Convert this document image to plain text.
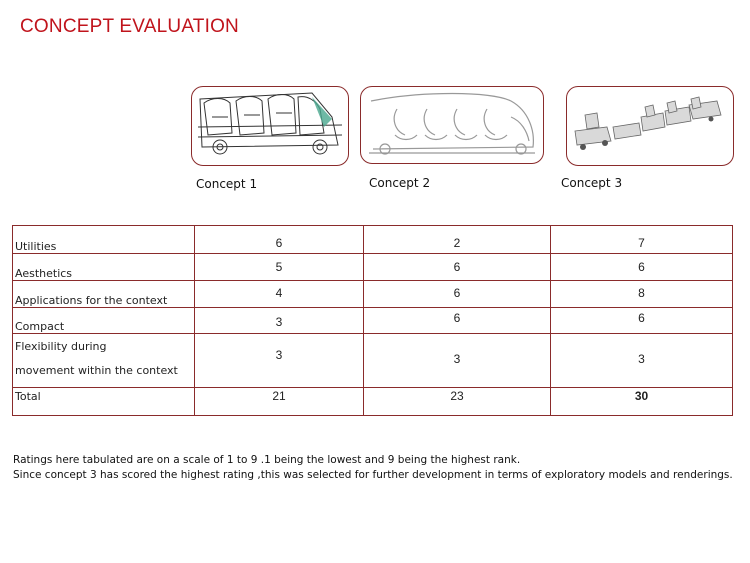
CONCEPT EVALUATION
Concept 1	Concept 2	Concept 3
Utilities	6	2	7
Aesthetics	5	6	6
Applications for the context	4	6	8
Compact	3	6	6

Flexibility during
movement within the context	3	3	3
Total	21	23	30
Ratings here tabulated are on a scale of 1 to 9 .1 being the lowest and 9 being the highest rank.
Since concept 3 has scored the highest rating ,this was selected for further development in terms of exploratory models and renderings.
